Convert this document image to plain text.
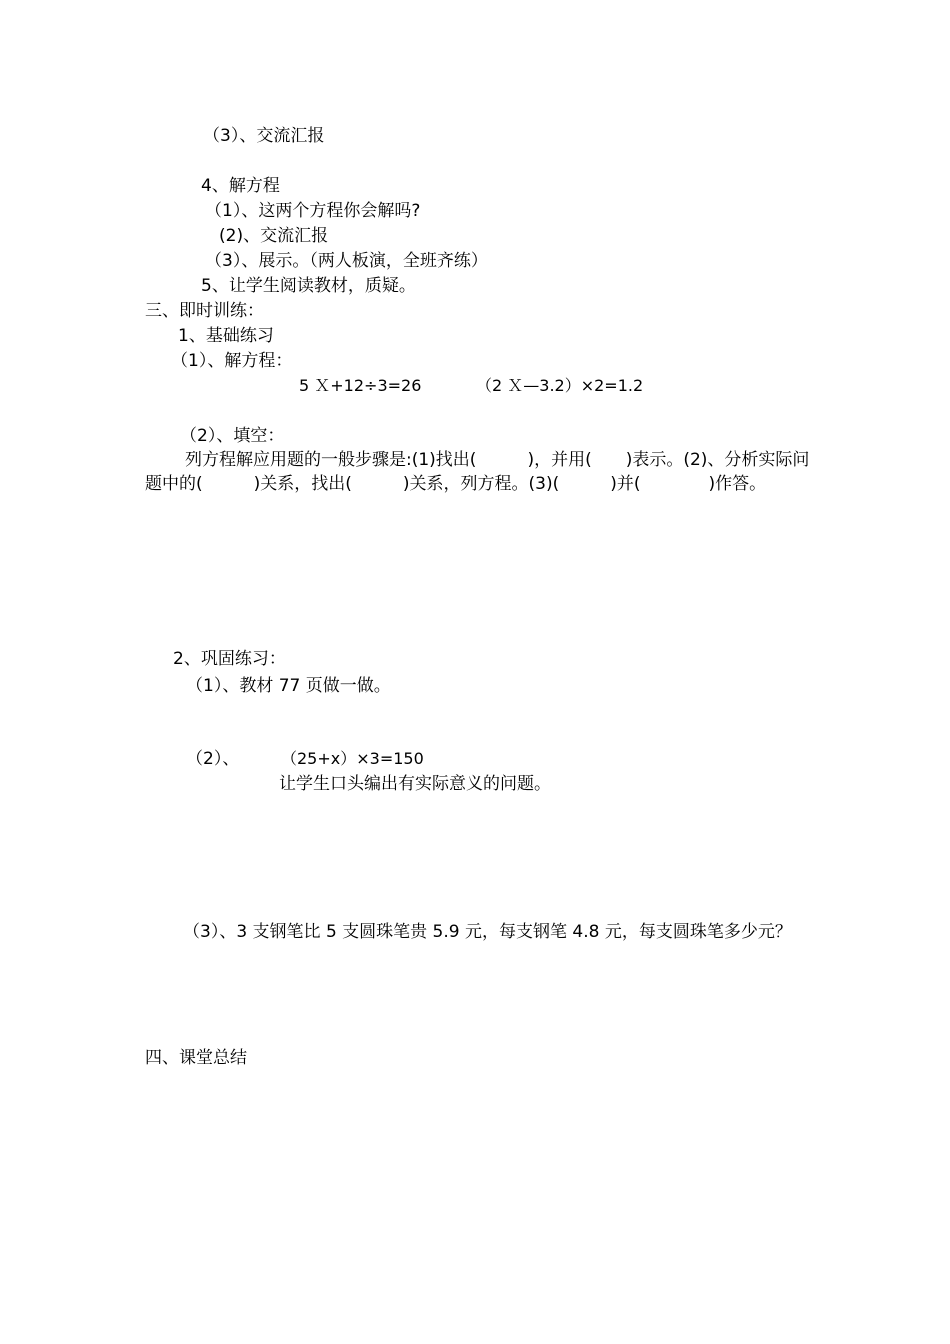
（3）、交流汇报
4、解方程
（1）、这两个方程你会解吗?
(2)、交流汇报
（3）、展示。（两人板演，全班齐练）
5、让学生阅读教材，质疑。
三、即时训练：
1、基础练习
（1）、解方程：
5 Ｘ+12÷3=26	（2 Ｘ—3.2）×2=1.2
（2）、填空：
列方程解应用题的一般步骤是:(1)找出(　　　)，并用(　　)表示。(2)、分析实际问题中的(　　　)关系，找出(　　　)关系，列方程。(3)(　　　)并(　　　　)作答。
2、巩固练习：
（1）、教材 77 页做一做。
（2）、	（25+x）×3=150
让学生口头编出有实际意义的问题。
（3）、3 支钢笔比 5 支圆珠笔贵 5.9 元，每支钢笔 4.8 元，每支圆珠笔多少元？
四、课堂总结
